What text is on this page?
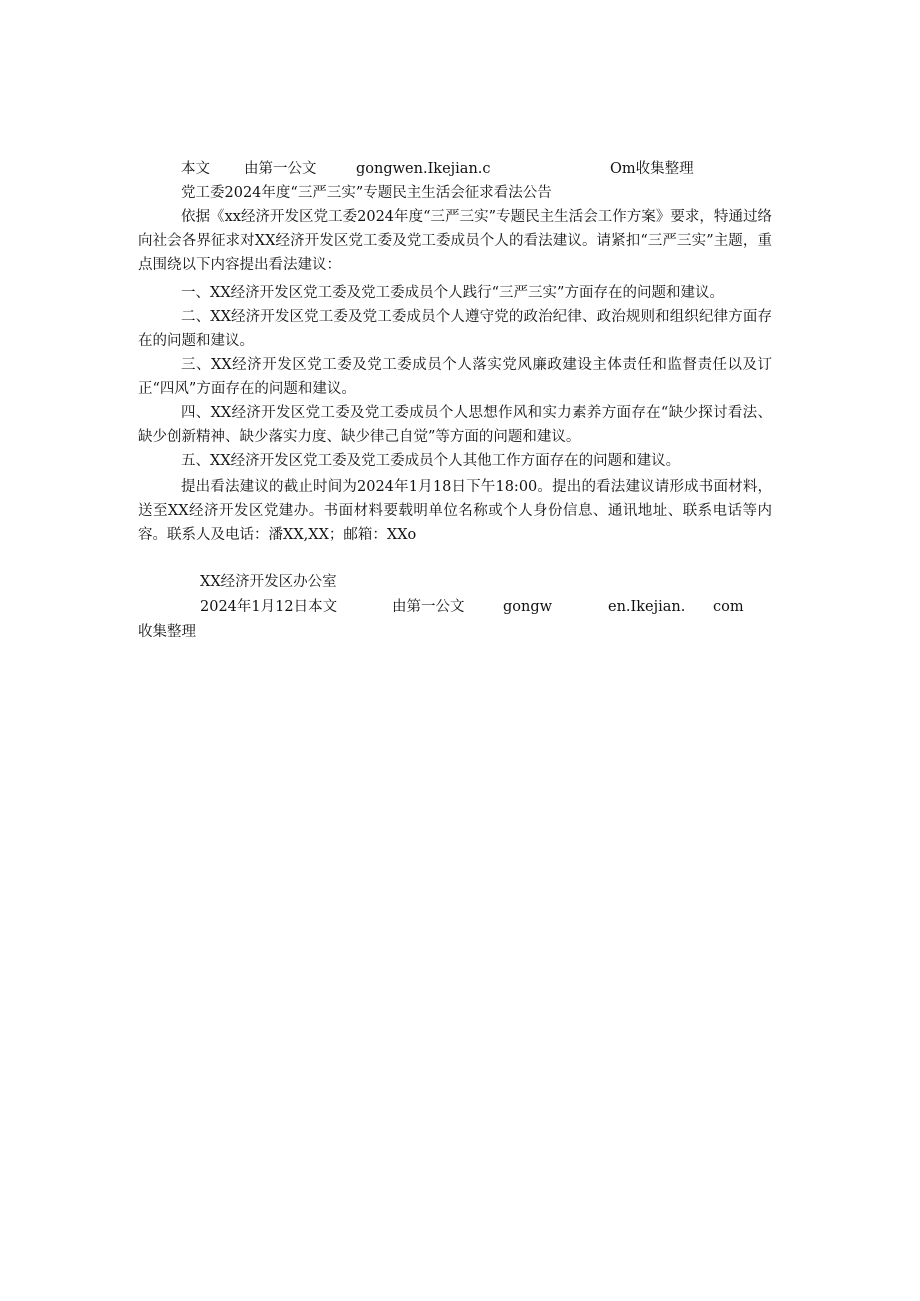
本文 由第一公文	gongwen.Ikejian.c	Om收集整理
党工委2024年度“三严三实”专题民主生活会征求看法公告

依据《xx经济开发区党工委2024年度“三严三实”专题民主生活会工作方案》要求，特通过络向社会各界征求对XX经济开发区党工委及党工委成员个人的看法建议。请紧扣“三严三实”主题，重点围绕以下内容提出看法建议：

一、XX经济开发区党工委及党工委成员个人践行“三严三实”方面存在的问题和建议。

二、XX经济开发区党工委及党工委成员个人遵守党的政治纪律、政治规则和组织纪律方面存在的问题和建议。

三、XX经济开发区党工委及党工委成员个人落实党风廉政建设主体责任和监督责任以及订正“四风”方面存在的问题和建议。

四、XX经济开发区党工委及党工委成员个人思想作风和实力素养方面存在“缺少探讨看法、缺少创新精神、缺少落实力度、缺少律己自觉”等方面的问题和建议。

五、XX经济开发区党工委及党工委成员个人其他工作方面存在的问题和建议。

提出看法建议的截止时间为2024年1月18日下午18:00。提出的看法建议请形成书面材料，送至XX经济开发区党建办。书面材料要载明单位名称或个人身份信息、通讯地址、联系电话等内容。联系人及电话：潘XX,XX；邮箱：XXo

XX经济开发区办公室
2024年1月12日本文	由第一公文	gongw	en.Ikejian. com
收集整理
